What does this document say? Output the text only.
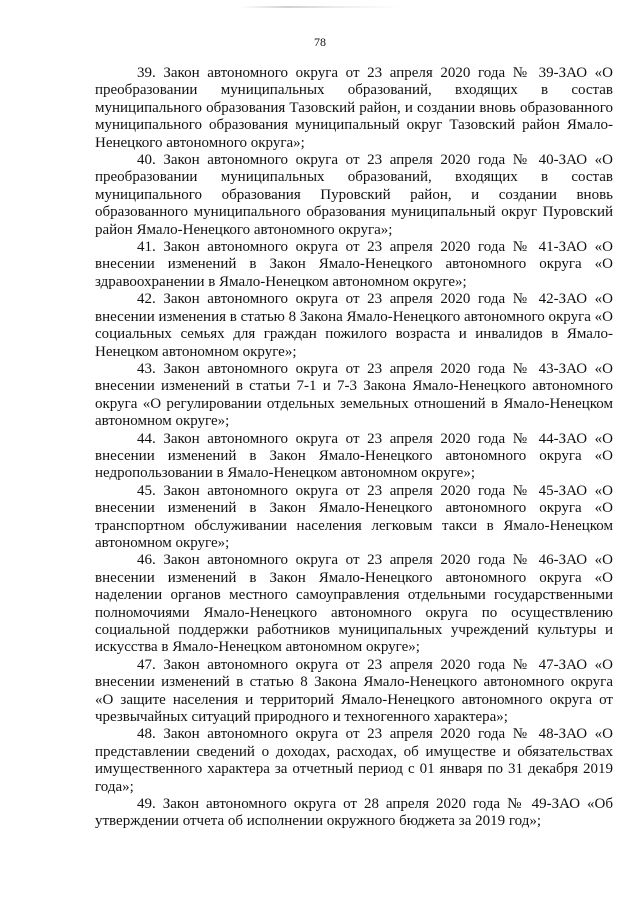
78

39. Закон автономного округа от 23 апреля 2020 года № 39-ЗАО «О преобразовании муниципальных образований, входящих в состав муниципального образования Тазовский район, и создании вновь образованного муниципального образования муниципальный округ Тазовский район Ямало-Ненецкого автономного округа»;

40. Закон автономного округа от 23 апреля 2020 года № 40-ЗАО «О преобразовании муниципальных образований, входящих в состав муниципального образования Пуровский район, и создании вновь образованного муниципального образования муниципальный округ Пуровский район Ямало-Ненецкого автономного округа»;

41. Закон автономного округа от 23 апреля 2020 года № 41-ЗАО «О внесении изменений в Закон Ямало-Ненецкого автономного округа «О здравоохранении в Ямало-Ненецком автономном округе»;

42. Закон автономного округа от 23 апреля 2020 года № 42-ЗАО «О внесении изменения в статью 8 Закона Ямало-Ненецкого автономного округа «О социальных семьях для граждан пожилого возраста и инвалидов в Ямало-Ненецком автономном округе»;

43. Закон автономного округа от 23 апреля 2020 года № 43-ЗАО «О внесении изменений в статьи 7-1 и 7-3 Закона Ямало-Ненецкого автономного округа «О регулировании отдельных земельных отношений в Ямало-Ненецком автономном округе»;

44. Закон автономного округа от 23 апреля 2020 года № 44-ЗАО «О внесении изменений в Закон Ямало-Ненецкого автономного округа «О недропользовании в Ямало-Ненецком автономном округе»;

45. Закон автономного округа от 23 апреля 2020 года № 45-ЗАО «О внесении изменений в Закон Ямало-Ненецкого автономного округа «О транспортном обслуживании населения легковым такси в Ямало-Ненецком автономном округе»;

46. Закон автономного округа от 23 апреля 2020 года № 46-ЗАО «О внесении изменений в Закон Ямало-Ненецкого автономного округа «О наделении органов местного самоуправления отдельными государственными полномочиями Ямало-Ненецкого автономного округа по осуществлению социальной поддержки работников муниципальных учреждений культуры и искусства в Ямало-Ненецком автономном округе»;

47. Закон автономного округа от 23 апреля 2020 года № 47-ЗАО «О внесении изменений в статью 8 Закона Ямало-Ненецкого автономного округа «О защите населения и территорий Ямало-Ненецкого автономного округа от чрезвычайных ситуаций природного и техногенного характера»;

48. Закон автономного округа от 23 апреля 2020 года № 48-ЗАО «О представлении сведений о доходах, расходах, об имуществе и обязательствах имущественного характера за отчетный период с 01 января по 31 декабря 2019 года»;

49. Закон автономного округа от 28 апреля 2020 года № 49-ЗАО «Об утверждении отчета об исполнении окружного бюджета за 2019 год»;
